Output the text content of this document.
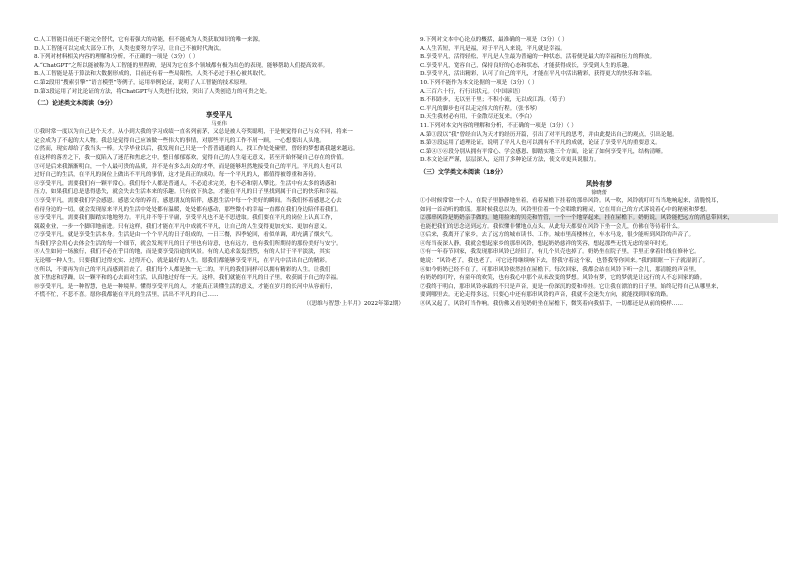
C.人工智能目前还不能完全替代，它有着强大的功能，但不能成为人类获取知识的唯一来源。

D.人工智能可以完成大部分工作，人类也要努力学习，让自己不被时代淘汰。

8.下列对材料相关内容的理解和分析，不正确的一项是（3分）（ ）

A.“ChatGPT”之所以能被称为人工智能的里程碑，是因为它在多个领域都有极为出色的表现，能够帮助人们提高效率。

B.人工智能是基于算法和大数据形成的，目前还有着一些局限性，人类不必过于担心被其取代。

C.第2段用“搜索引擎”“语言模型”等例子，运用举例论证，说明了人工智能的技术原理。

D.第3段运用了对比论证的方法，将ChatGPT与人类进行比较，突出了人类创造力的可贵之处。

（二）论述类文本阅读（9分）

享受平凡

马亚伟

①我时常一度以为自己是个天才。从小到大我的学习成绩一直名列前茅，又总是被人夸奖聪明，于是便觉得自己与众不同，将来一

定会成为了不起的大人物。我总是觉得自己应该做一些伟大的事情，对那些平凡的工作不屑一顾，一心想要出人头地。

②然而，现实却给了我当头一棒。大学毕业以后，我发现自己只是一个普普通通的人，找工作处处碰壁，曾经的梦想离我越来越远。

在这样的落差之下，我一度陷入了迷茫和焦虑之中，整日郁郁寡欢，觉得自己的人生毫无意义，甚至开始怀疑自己存在的价值。

③可是后来我渐渐明白，一个人最可贵的品质，并不是有多么出众的才华，而是能够坦然地接受自己的平凡。平凡的人也可以

过好自己的生活，在平凡的岗位上做出不平凡的事情，这才是真正的成功。每一个平凡的人，都值得被尊重和善待。

④享受平凡，需要我们有一颗平常心。我们每个人都是普通人，不必追求完美，也不必和别人攀比。生活中有太多的诱惑和

压力，如果我们总是患得患失，就会失去生活本来的乐趣。只有放下执念，才能在平凡的日子里找到属于自己的快乐和幸福。

⑤享受平凡，需要我们学会感恩。感恩父母的养育，感恩朋友的陪伴，感恩生活中每一个美好的瞬间。当我们怀着感恩之心去

看待身边的一切，就会发现原来平凡的生活中处处都有温暖，处处都有感动，那些微小的幸福一直都在我们身边陪伴着我们。

⑥享受平凡，需要我们脚踏实地地努力。平凡并不等于平庸，享受平凡也不是不思进取。我们要在平凡的岗位上认真工作，

兢兢业业，一步一个脚印地前进。只有这样，我们才能在平凡中成就不平凡，让自己的人生变得更加充实、更加有意义。

⑦享受平凡，就是享受生活本身。生活是由一个个平凡的日子组成的，一日三餐，四季轮回，看似单调，却充满了烟火气。

当我们学会用心去体会生活的每一个细节，就会发现平凡的日子里也有诗意，也有远方，也有我们所期待的那份美好与安宁。

⑧人生如同一场旅行，我们不必在乎目的地，而是要享受沿途的风景。有的人追求轰轰烈烈，有的人甘于平平淡淡，其实

无论哪一种人生，只要我们过得充实、过得开心，就是最好的人生。愿我们都能够享受平凡，在平凡中活出自己的精彩。

⑨所以，不要再为自己的平凡而感到沮丧了。我们每个人都是独一无二的，平凡的我们同样可以拥有精彩的人生。让我们

放下焦虑和浮躁，以一颗平和的心去面对生活，认真地过好每一天。这样，我们就能在平凡的日子里，收获属于自己的幸福。

⑩享受平凡，是一种智慧，也是一种境界。懂得享受平凡的人，才能真正读懂生活的意义，才能在岁月的长河中从容前行，

不慌不忙，不悲不喜。愿你我都能在平凡的生活里，活出不平凡的自己……

（《思维与智慧·上半月》2022年第2期）

9.下列对文本中心论点的概括，最准确的一项是（3分）（ ）

A.人生苦短，平凡是福，对于平凡人来说，平凡就是幸福。

B.享受平凡，活得轻松，平凡是人生最为普遍的一种状态，活着便是最大的幸福和压力的释放。

C.享受平凡，宽容自己，保持良好的心态和状态，才能获得成长，享受到人生的乐趣。

D.享受平凡，活出精彩，认可了自己的平凡，才能在平凡中活出精彩，获得更大的快乐和幸福。

10.下列不能作为本文论据的一项是（3分）（ ）

A.三百六十行，行行出状元。（中国谚语）

B.不积跬步，无以至千里；不积小流，无以成江海。（荀子）

C.平凡的脚步也可以走完伟大的行程。（张书琴）

D.天生我材必有用，千金散尽还复来。（李白）

11.下列对本文内容的理解和分析，不正确的一项是（3分）（ ）

A.第①段以“我”曾经自认为天才的经历开篇，引出了对平凡的思考，并由此提出自己的观点，引出论题。

B.第③段运用了道理论证，说明了平凡人也可以拥有不平凡的成就，论证了享受平凡的重要意义。

C.第④⑤⑥段分别从拥有平常心、学会感恩、脚踏实地三个方面，论证了如何享受平凡，结构清晰。

D.本文论证严谨，层层深入，运用了多种论证方法，使文章更具说服力。

（三）文学类文本阅读（18分）

风铃有梦

徐晓蕾

①小时候常常一个人，在院子里静静地坐着，看着屋檐下挂着的那串风铃。风一吹，风铃就叮叮当当地响起来，清脆悦耳，

如同一首动听的歌谣。那时候我总以为，风铃里住着一个会唱歌的精灵，它在用自己的方式诉说着心中的秘密和梦想。

②那串风铃是奶奶亲手做的。她用捡来的贝壳和竹管，一个一个地穿起来，挂在屋檐下。奶奶说，风铃能把远方的消息带回来，

也能把我们的思念送到远方。我似懂非懂地点点头，从此每天都要在风铃下坐一会儿，仿佛在等待着什么。

③后来，我离开了家乡，去了远方的城市读书、工作。城市里高楼林立，车水马龙，很少能听到风铃的声音了。

④每当夜深人静，我就会想起家乡的那串风铃，想起奶奶慈祥的笑容，想起那些无忧无虑的童年时光。

⑤有一年春节回家，我发现那串风铃已经旧了，有几个贝壳也掉了。奶奶坐在院子里，手里正拿着针线在修补它。

她说：“风铃老了，我也老了，可它还得继续响下去，替我守着这个家，也替我等你回来。”我的眼眶一下子就湿润了。

⑥如今奶奶已经不在了，可那串风铃依然挂在屋檐下。每次回家，我都会站在风铃下听一会儿，那清脆的声音里，

有奶奶的叮咛，有童年的欢笑，也有我心中那个从未改变的梦想。风铃有梦，它的梦就是让远行的人不忘回家的路。

⑦我终于明白，那串风铃承载的不只是声音，更是一份深沉的爱和牵挂。它让我在漂泊的日子里，始终记得自己从哪里来，

要到哪里去。无论走得多远，只要心中还有那串风铃的声音，我就不会迷失方向，就能找到回家的路。

⑧风又起了，风铃叮当作响。我仿佛又看见奶奶坐在屋檐下，微笑着向我招手，一切都还是从前的模样……
